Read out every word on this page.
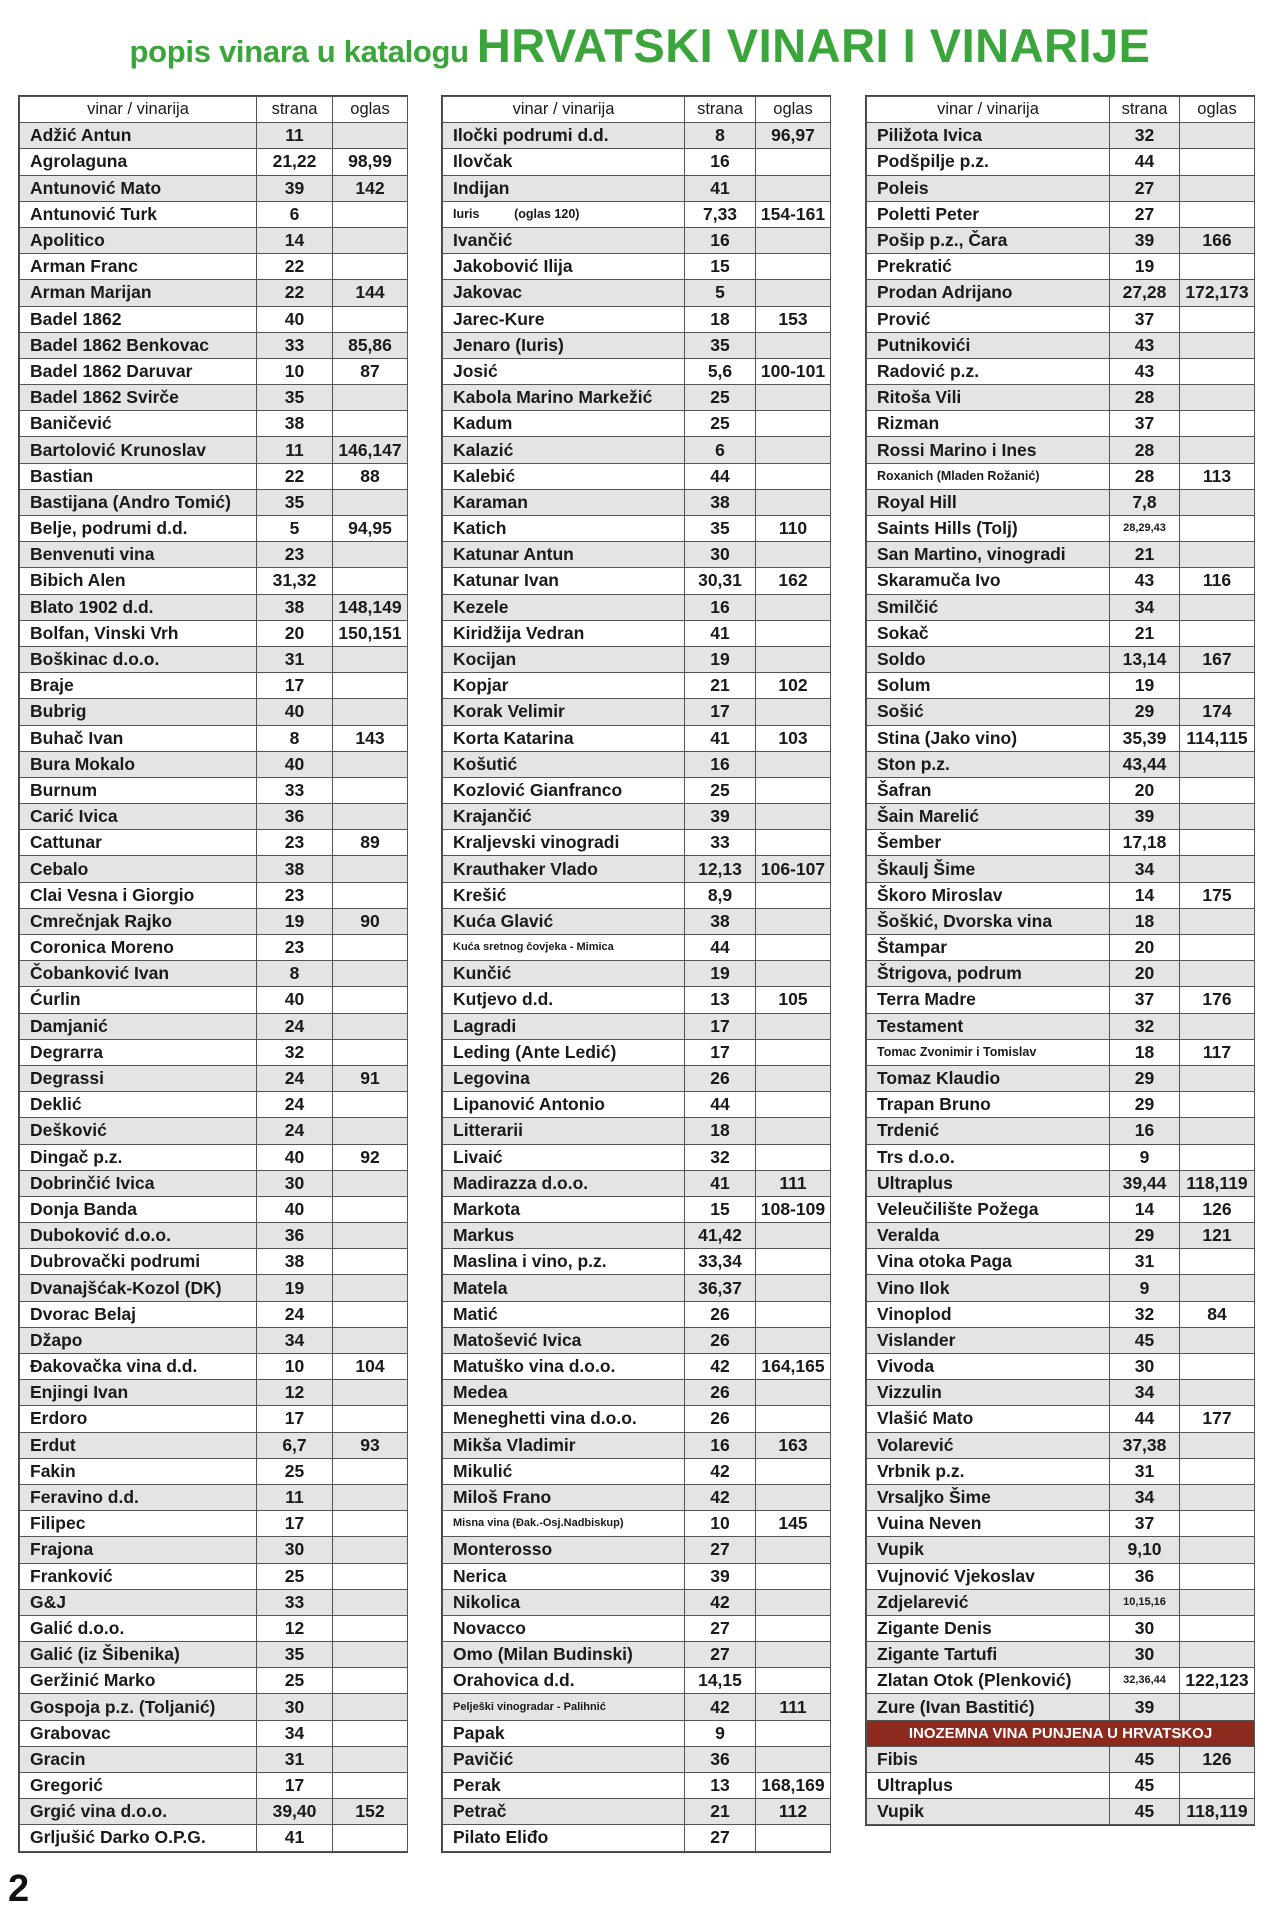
popis vinara u katalogu HRVATSKI VINARI I VINARIJE
vinar / vinarija	strana	oglas
Adžić Antun	11	
Agrolaguna	21,22	98,99
Antunović Mato	39	142
Antunović Turk	6	
Apolitico	14	
Arman Franc	22	
Arman Marijan	22	144
Badel 1862	40	
Badel 1862 Benkovac	33	85,86
Badel 1862 Daruvar	10	87
Badel 1862 Svirče	35	
Baničević	38	
Bartolović Krunoslav	11	146,147
Bastian	22	88
Bastijana (Andro Tomić)	35	
Belje, podrumi d.d.	5	94,95
Benvenuti vina	23	
Bibich Alen	31,32	
Blato 1902 d.d.	38	148,149
Bolfan, Vinski Vrh	20	150,151
Boškinac d.o.o.	31	
Braje	17	
Bubrig	40	
Buhač Ivan	8	143
Bura Mokalo	40	
Burnum	33	
Carić Ivica	36	
Cattunar	23	89
Cebalo	38	
Clai Vesna i Giorgio	23	
Cmrečnjak Rajko	19	90
Coronica Moreno	23	
Čobanković Ivan	8	
Ćurlin	40	
Damjanić	24	
Degrarra	32	
Degrassi	24	91
Deklić	24	
Dešković	24	
Dingač p.z.	40	92
Dobrinčić Ivica	30	
Donja Banda	40	
Duboković d.o.o.	36	
Dubrovački podrumi	38	
Dvanajšćak-Kozol (DK)	19	
Dvorac Belaj	24	
Džapo	34	
Đakovačka vina d.d.	10	104
Enjingi Ivan	12	
Erdoro	17	
Erdut	6,7	93
Fakin	25	
Feravino d.d.	11	
Filipec	17	
Frajona	30	
Franković	25	
G&J	33	
Galić d.o.o.	12	
Galić (iz Šibenika)	35	
Geržinić Marko	25	
Gospoja p.z. (Toljanić)	30	
Grabovac	34	
Gracin	31	
Gregorić	17	
Grgić vina d.o.o.	39,40	152
Grljušić Darko O.P.G.	41	
vinar / vinarija	strana	oglas
Iločki podrumi d.d.	8	96,97
Ilovčak	16	
Indijan	41	
Iuris          (oglas 120)	7,33	154-161
Ivančić	16	
Jakobović Ilija	15	
Jakovac	5	
Jarec-Kure	18	153
Jenaro (Iuris)	35	
Josić	5,6	100-101
Kabola Marino Markežić	25	
Kadum	25	
Kalazić	6	
Kalebić	44	
Karaman	38	
Katich	35	110
Katunar Antun	30	
Katunar Ivan	30,31	162
Kezele	16	
Kiridžija Vedran	41	
Kocijan	19	
Kopjar	21	102
Korak Velimir	17	
Korta Katarina	41	103
Košutić	16	
Kozlović Gianfranco	25	
Krajančić	39	
Kraljevski vinogradi	33	
Krauthaker Vlado	12,13	106-107
Krešić	8,9	
Kuća Glavić	38	
Kuća sretnog čovjeka - Mimica	44	
Kunčić	19	
Kutjevo d.d.	13	105
Lagradi	17	
Leding (Ante Ledić)	17	
Legovina	26	
Lipanović Antonio	44	
Litterarii	18	
Livaić	32	
Madirazza d.o.o.	41	111
Markota	15	108-109
Markus	41,42	
Maslina i vino, p.z.	33,34	
Matela	36,37	
Matić	26	
Matošević Ivica	26	
Matuško vina d.o.o.	42	164,165
Medea	26	
Meneghetti vina d.o.o.	26	
Mikša Vladimir	16	163
Mikulić	42	
Miloš Frano	42	
Misna vina (Đak.-Osj.Nadbiskup)	10	145
Monterosso	27	
Nerica	39	
Nikolica	42	
Novacco	27	
Omo (Milan Budinski)	27	
Orahovica d.d.	14,15	
Pelješki vinogradar - Palihnić	42	111
Papak	9	
Pavičić	36	
Perak	13	168,169
Petrač	21	112
Pilato Eliđo	27	
vinar / vinarija	strana	oglas
Piližota Ivica	32	
Podšpilje p.z.	44	
Poleis	27	
Poletti Peter	27	
Pošip p.z., Čara	39	166
Prekratić	19	
Prodan Adrijano	27,28	172,173
Prović	37	
Putnikovići	43	
Radović p.z.	43	
Ritoša Vili	28	
Rizman	37	
Rossi Marino i Ines	28	
Roxanich (Mladen Rožanić)	28	113
Royal Hill	7,8	
Saints Hills (Tolj)	28,29,43	
San Martino, vinogradi	21	
Skaramuča Ivo	43	116
Smilčić	34	
Sokač	21	
Soldo	13,14	167
Solum	19	
Sošić	29	174
Stina (Jako vino)	35,39	114,115
Ston p.z.	43,44	
Šafran	20	
Šain Marelić	39	
Šember	17,18	
Škaulj Šime	34	
Škoro Miroslav	14	175
Šoškić, Dvorska vina	18	
Štampar	20	
Štrigova, podrum	20	
Terra Madre	37	176
Testament	32	
Tomac Zvonimir i Tomislav	18	117
Tomaz Klaudio	29	
Trapan Bruno	29	
Trdenić	16	
Trs d.o.o.	9	
Ultraplus	39,44	118,119
Veleučilište Požega	14	126
Veralda	29	121
Vina otoka Paga	31	
Vino Ilok	9	
Vinoplod	32	84
Vislander	45	
Vivoda	30	
Vizzulin	34	
Vlašić Mato	44	177
Volarević	37,38	
Vrbnik p.z.	31	
Vrsaljko Šime	34	
Vuina Neven	37	
Vupik	9,10	
Vujnović Vjekoslav	36	
Zdjelarević	10,15,16	
Zigante Denis	30	
Zigante Tartufi	30	
Zlatan Otok (Plenković)	32,36,44	122,123
Zure (Ivan Bastitić)	39	
INOZEMNA VINA PUNJENA U HRVATSKOJ		
Fibis	45	126
Ultraplus	45	
Vupik	45	118,119
2
